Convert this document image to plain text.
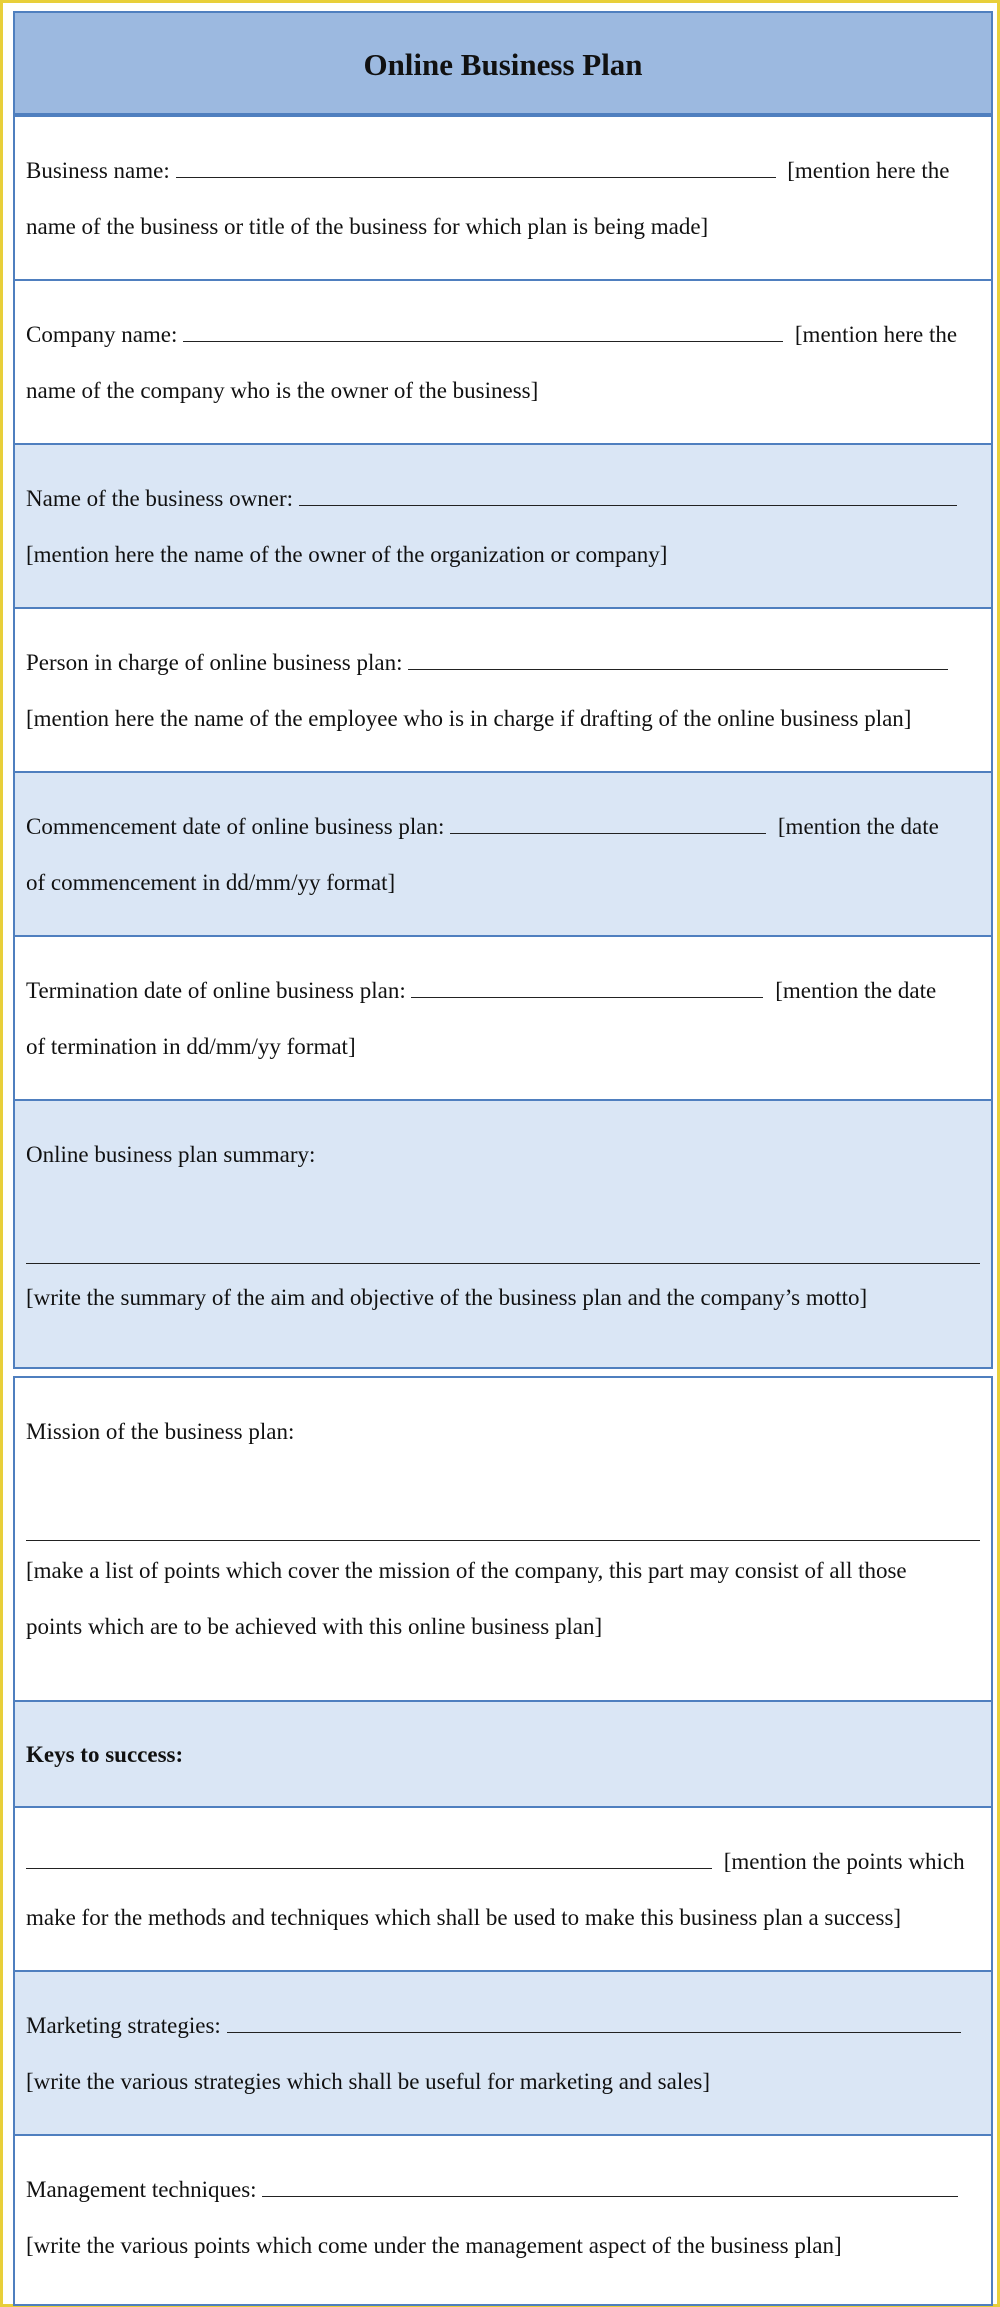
Online Business Plan
Business name:	[mention here the
name of the business or title of the business for which plan is being made]
Company name:	[mention here the
name of the company who is the owner of the business]
Name of the business owner:
[mention here the name of the owner of the organization or company]
Person in charge of online business plan:
[mention here the name of the employee who is in charge if drafting of the online business plan]
Commencement date of online business plan:	[mention the date
of commencement in dd/mm/yy format]
Termination date of online business plan:	[mention the date
of termination in dd/mm/yy format]
Online business plan summary:
[write the summary of the aim and objective of the business plan and the company’s motto]
Mission of the business plan:
[make a list of points which cover the mission of the company, this part may consist of all those
points which are to be achieved with this online business plan]
Keys to success:
[mention the points which
make for the methods and techniques which shall be used to make this business plan a success]
Marketing strategies:
[write the various strategies which shall be useful for marketing and sales]
Management techniques:
[write the various points which come under the management aspect of the business plan]
